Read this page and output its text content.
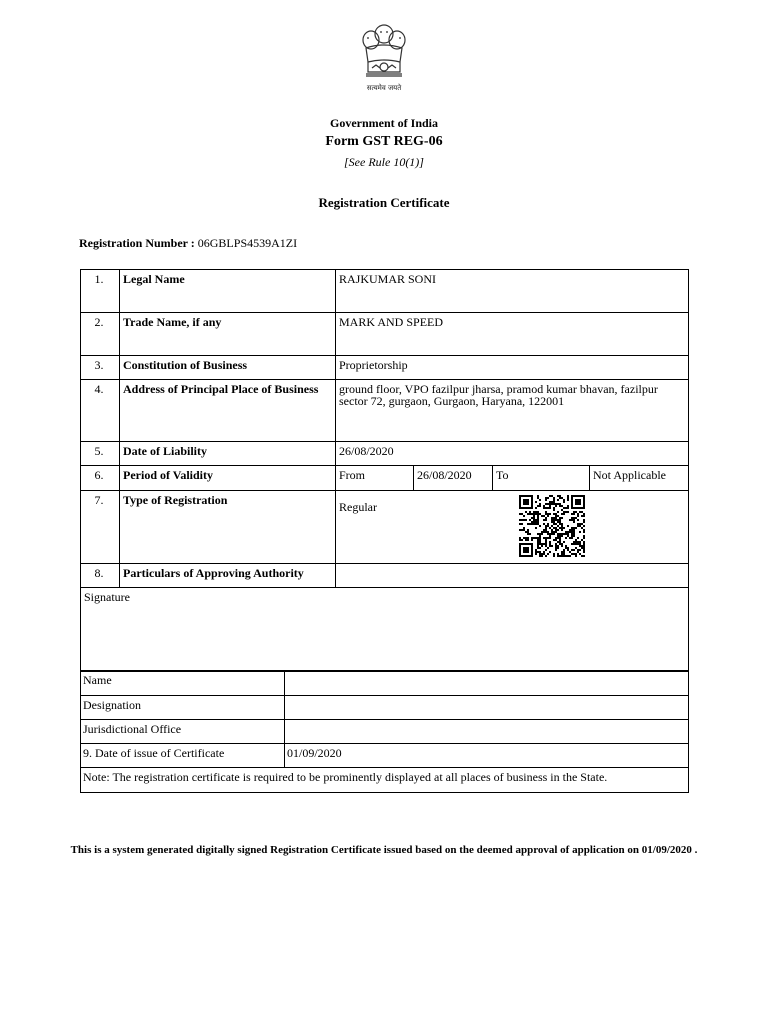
सत्यमेव जयते
Government of India
Form GST REG-06
[See Rule 10(1)]
Registration Certificate
Registration Number : 06GBLPS4539A1ZI
1.	Legal Name	RAJKUMAR SONI			
2.	Trade Name, if any	MARK AND SPEED			
3.	Constitution of Business	Proprietorship			
4.	Address of Principal Place of Business	ground floor, VPO fazilpur jharsa, pramod kumar bhavan, fazilpur sector 72, gurgaon, Gurgaon, Haryana, 122001			
5.	Date of Liability	26/08/2020			
6.	Period of Validity	From	26/08/2020	To	Not Applicable
7.	Type of Registration	Regular			

8.	Particulars of Approving Authority				
Signature					
Name	
Designation	
Jurisdictional Office	
9. Date of issue of Certificate	01/09/2020
Note: The registration certificate is required to be prominently displayed at all places of business in the State.	
This is a system generated digitally signed Registration Certificate issued based on the deemed approval of application on 01/09/2020 .
